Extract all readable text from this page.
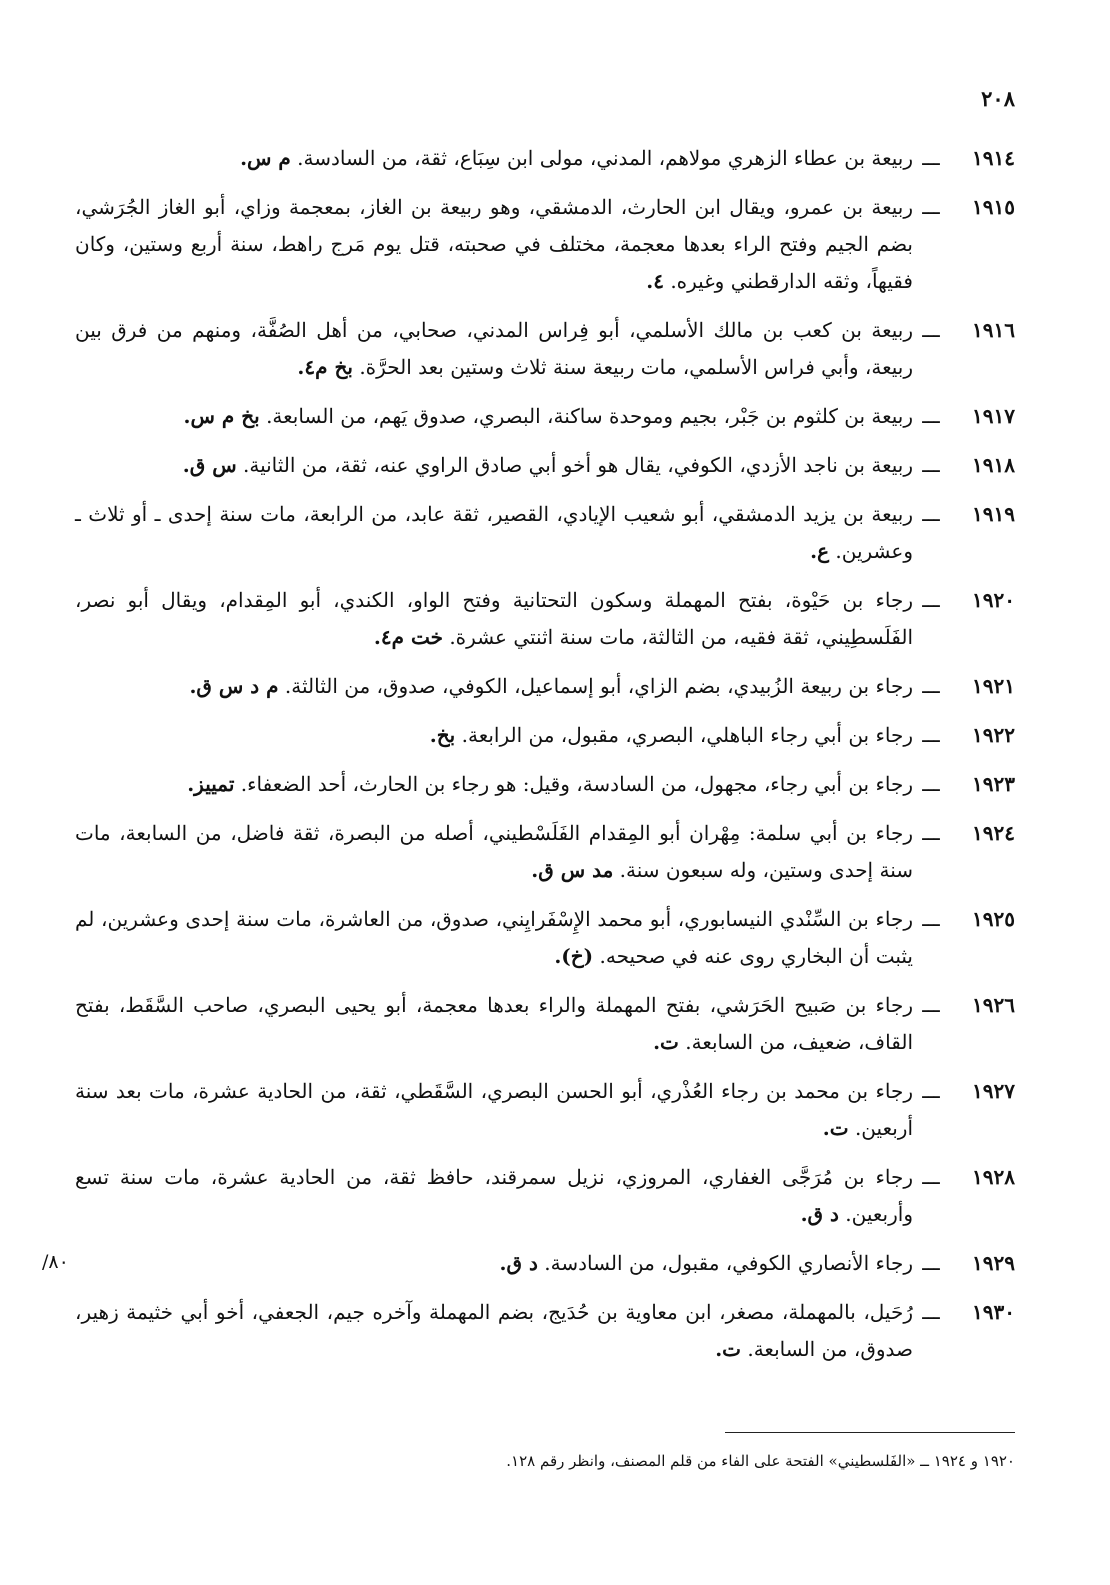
٢٠٨
١٩١٤
ـــ
ربيعة بن عطاء الزهري مولاهم، المدني، مولى ابن سِبَاع، ثقة، من السادسة. م س.
١٩١٥
ـــ
ربيعة بن عمرو، ويقال ابن الحارث، الدمشقي، وهو ربيعة بن الغاز، بمعجمة وزاي، أبو الغاز الجُرَشي، بضم الجيم وفتح الراء بعدها معجمة، مختلف في صحبته، قتل يوم مَرج راهط، سنة أربع وستين، وكان فقيهاً، وثقه الدارقطني وغيره. ٤.
١٩١٦
ـــ
ربيعة بن كعب بن مالك الأسلمي، أبو فِراس المدني، صحابي، من أهل الصُفَّة، ومنهم من فرق بين ربيعة، وأبي فراس الأسلمي، مات ربيعة سنة ثلاث وستين بعد الحرَّة. بخ م٤.
١٩١٧
ـــ
ربيعة بن كلثوم بن جَبْر، بجيم وموحدة ساكنة، البصري، صدوق يَهم، من السابعة. بخ م س.
١٩١٨
ـــ
ربيعة بن ناجد الأزدي، الكوفي، يقال هو أخو أبي صادق الراوي عنه، ثقة، من الثانية. س ق.
١٩١٩
ـــ
ربيعة بن يزيد الدمشقي، أبو شعيب الإيادي، القصير، ثقة عابد، من الرابعة، مات سنة إحدى ـ أو ثلاث ـ وعشرين. ع.
١٩٢٠
ـــ
رجاء بن حَيْوة، بفتح المهملة وسكون التحتانية وفتح الواو، الكندي، أبو المِقدام، ويقال أبو نصر، الفَلَسطِيني، ثقة فقيه، من الثالثة، مات سنة اثنتي عشرة. خت م٤.
١٩٢١
ـــ
رجاء بن ربيعة الزُبيدي، بضم الزاي، أبو إسماعيل، الكوفي، صدوق، من الثالثة. م د س ق.
١٩٢٢
ـــ
رجاء بن أبي رجاء الباهلي، البصري، مقبول، من الرابعة. بخ.
١٩٢٣
ـــ
رجاء بن أبي رجاء، مجهول، من السادسة، وقيل: هو رجاء بن الحارث، أحد الضعفاء. تمييز.
١٩٢٤
ـــ
رجاء بن أبي سلمة: مِهْران أبو المِقدام الفَلَسْطيني، أصله من البصرة، ثقة فاضل، من السابعة، مات سنة إحدى وستين، وله سبعون سنة. مد س ق.
١٩٢٥
ـــ
رجاء بن السِّنْدي النيسابوري، أبو محمد الإِسْفَرايِني، صدوق، من العاشرة، مات سنة إحدى وعشرين، لم يثبت أن البخاري روى عنه في صحيحه. (خ).
١٩٢٦
ـــ
رجاء بن صَبيح الحَرَشي، بفتح المهملة والراء بعدها معجمة، أبو يحيى البصري، صاحب السَّقَط، بفتح القاف، ضعيف، من السابعة. ت.
١٩٢٧
ـــ
رجاء بن محمد بن رجاء العُذْري، أبو الحسن البصري، السَّقَطي، ثقة، من الحادية عشرة، مات بعد سنة أربعين. ت.
١٩٢٨
ـــ
رجاء بن مُرَجَّى الغفاري، المروزي، نزيل سمرقند، حافظ ثقة، من الحادية عشرة، مات سنة تسع وأربعين. د ق.
١٩٢٩
ـــ
رجاء الأنصاري الكوفي، مقبول، من السادسة. د ق.
١٩٣٠
ـــ
رُحَيل، بالمهملة، مصغر، ابن معاوية بن حُدَيج، بضم المهملة وآخره جيم، الجعفي، أخو أبي خثيمة زهير، صدوق، من السابعة. ت.
٨٠/
١٩٢٠ و ١٩٢٤ ــ «الفَلسطيني» الفتحة على الفاء من قلم المصنف، وانظر رقم ١٢٨.
